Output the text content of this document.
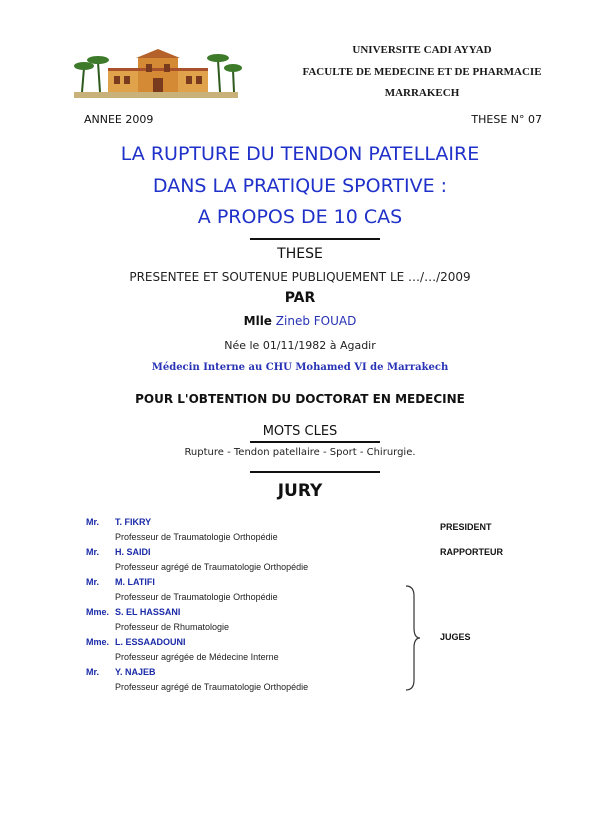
UNIVERSITE CADI AYYAD
FACULTE DE MEDECINE ET DE PHARMACIE
MARRAKECH
ANNEE 2009	THESE N° 07
LA RUPTURE DU TENDON PATELLAIRE
DANS LA PRATIQUE SPORTIVE :
A PROPOS DE 10 CAS
THESE
PRESENTEE ET SOUTENUE PUBLIQUEMENT LE …/…/2009
PAR
Mlle Zineb FOUAD
Née le 01/11/1982 à Agadir
Médecin Interne au CHU Mohamed VI de Marrakech
POUR L'OBTENTION DU DOCTORAT EN MEDECINE
MOTS CLES
Rupture - Tendon patellaire - Sport - Chirurgie.
JURY
Mr. T. FIKRY
Professeur de Traumatologie Orthopédie
Mr. H. SAIDI
Professeur agrégé de Traumatologie Orthopédie
Mr. M. LATIFI
Professeur de Traumatologie Orthopédie
Mme. S. EL HASSANI
Professeur de Rhumatologie
Mme. L. ESSAADOUNI
Professeur agrégée de Médecine Interne
Mr. Y. NAJEB
Professeur agrégé de Traumatologie Orthopédie
PRESIDENT
RAPPORTEUR
JUGES
